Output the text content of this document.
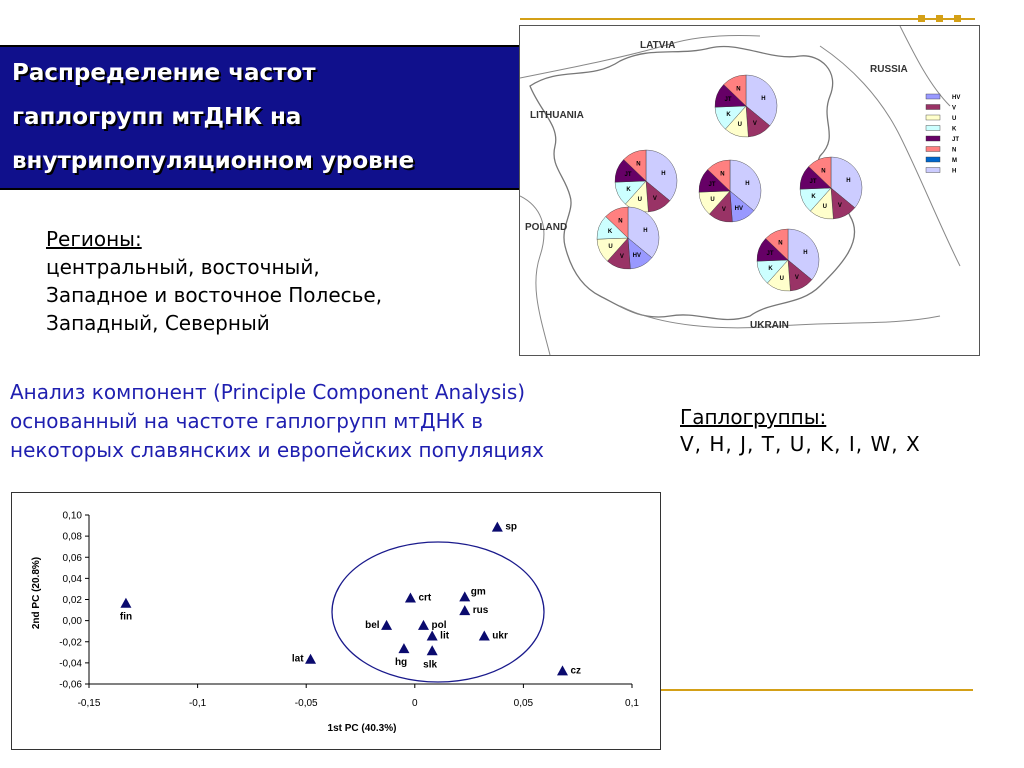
Распределение частот
гаплогрупп мтДНК на
внутрипопуляционном уровне
Регионы:
центральный, восточный,
Западное и восточное Полесье,
Западный, Северный
Анализ компонент (Principle Component Analysis)
основанный на частоте гаплогрупп мтДНК в
некоторых славянских и европейских популяциях
Гаплогруппы:
V, H, J, T, U, K, I, W, X
LATVIA
RUSSIA
LITHUANIA
POLAND
UKRAIN
HV
V
U
K
JT
N
M
H
H
V
U
K
JT
N
H
V
U
K
JT
N
H
HV
V
U
JT
N
H
V
U
K
JT
N
H
HV
V
U
K
N
H
V
U
K
JT
N
0,10
0,08
0,06
0,04
0,02
0,00
-0,02
-0,04
-0,06
-0,15	-0,1	-0,05	0	0,05	0,1
sp
fin
gm
crt
rus
bel	pol
lit	ukr
hg slk
lat
cz
1st PC (40.3%)
2nd PC (20.8%)
